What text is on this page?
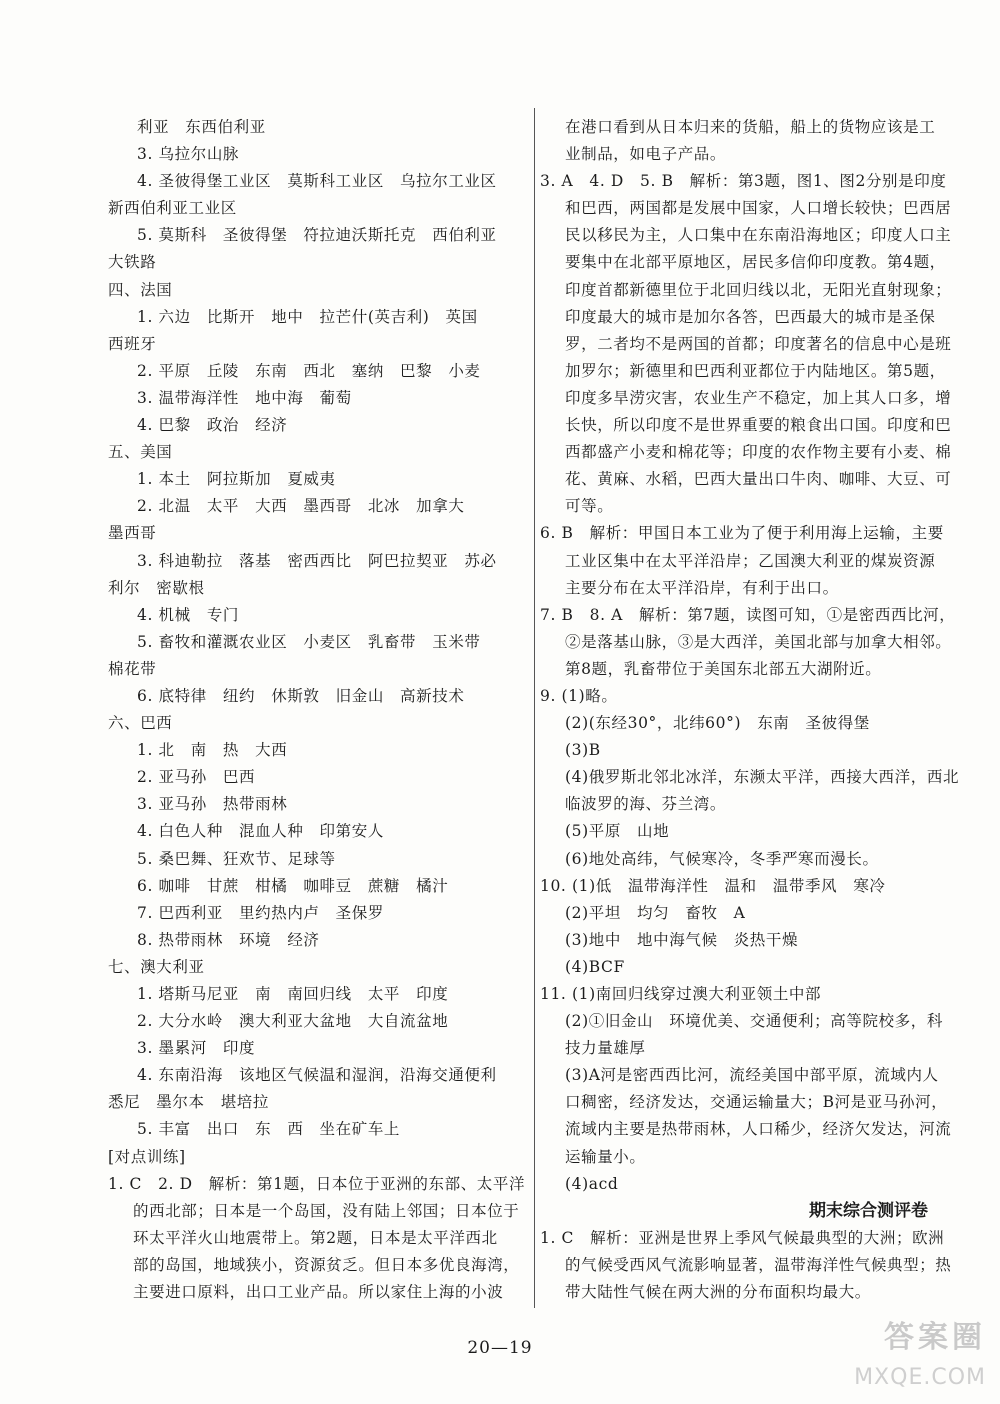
利亚　东西伯利亚
3. 乌拉尔山脉
4. 圣彼得堡工业区　莫斯科工业区　乌拉尔工业区
新西伯利亚工业区
5. 莫斯科　圣彼得堡　符拉迪沃斯托克　西伯利亚
大铁路
四、法国
1. 六边　比斯开　地中　拉芒什(英吉利)　英国
西班牙
2. 平原　丘陵　东南　西北　塞纳　巴黎　小麦
3. 温带海洋性　地中海　葡萄
4. 巴黎　政治　经济
五、美国
1. 本土　阿拉斯加　夏威夷
2. 北温　太平　大西　墨西哥　北冰　加拿大
墨西哥
3. 科迪勒拉　落基　密西西比　阿巴拉契亚　苏必
利尔　密歇根
4. 机械　专门
5. 畜牧和灌溉农业区　小麦区　乳畜带　玉米带
棉花带
6. 底特律　纽约　休斯敦　旧金山　高新技术
六、巴西
1. 北　南　热　大西
2. 亚马孙　巴西
3. 亚马孙　热带雨林
4. 白色人种　混血人种　印第安人
5. 桑巴舞、狂欢节、足球等
6. 咖啡　甘蔗　柑橘　咖啡豆　蔗糖　橘汁
7. 巴西利亚　里约热内卢　圣保罗
8. 热带雨林　环境　经济
七、澳大利亚
1. 塔斯马尼亚　南　南回归线　太平　印度
2. 大分水岭　澳大利亚大盆地　大自流盆地
3. 墨累河　印度
4. 东南沿海　该地区气候温和湿润，沿海交通便利
悉尼　墨尔本　堪培拉
5. 丰富　出口　东　西　坐在矿车上
[对点训练]
1. C　2. D　解析：第1题，日本位于亚洲的东部、太平洋
的西北部；日本是一个岛国，没有陆上邻国；日本位于
环太平洋火山地震带上。第2题，日本是太平洋西北
部的岛国，地域狭小，资源贫乏。但日本多优良海湾，
主要进口原料，出口工业产品。所以家住上海的小波
在港口看到从日本归来的货船，船上的货物应该是工
业制品，如电子产品。
3. A　4. D　5. B　解析：第3题，图1、图2分别是印度
和巴西，两国都是发展中国家，人口增长较快；巴西居
民以移民为主，人口集中在东南沿海地区；印度人口主
要集中在北部平原地区，居民多信仰印度教。第4题，
印度首都新德里位于北回归线以北，无阳光直射现象；
印度最大的城市是加尔各答，巴西最大的城市是圣保
罗，二者均不是两国的首都；印度著名的信息中心是班
加罗尔；新德里和巴西利亚都位于内陆地区。第5题，
印度多旱涝灾害，农业生产不稳定，加上其人口多，增
长快，所以印度不是世界重要的粮食出口国。印度和巴
西都盛产小麦和棉花等；印度的农作物主要有小麦、棉
花、黄麻、水稻，巴西大量出口牛肉、咖啡、大豆、可
可等。
6. B　解析：甲国日本工业为了便于利用海上运输，主要
工业区集中在太平洋沿岸；乙国澳大利亚的煤炭资源
主要分布在太平洋沿岸，有利于出口。
7. B　8. A　解析：第7题，读图可知，①是密西西比河，
②是落基山脉，③是大西洋，美国北部与加拿大相邻。
第8题，乳畜带位于美国东北部五大湖附近。
9. (1)略。
(2)(东经30°，北纬60°)　东南　圣彼得堡
(3)B
(4)俄罗斯北邻北冰洋，东濒太平洋，西接大西洋，西北
临波罗的海、芬兰湾。
(5)平原　山地
(6)地处高纬，气候寒冷，冬季严寒而漫长。
10. (1)低　温带海洋性　温和　温带季风　寒冷
(2)平坦　均匀　畜牧　A
(3)地中　地中海气候　炎热干燥
(4)BCF
11. (1)南回归线穿过澳大利亚领土中部
(2)①旧金山　环境优美、交通便利；高等院校多，科
技力量雄厚
(3)A河是密西西比河，流经美国中部平原，流域内人
口稠密，经济发达，交通运输量大；B河是亚马孙河，
流域内主要是热带雨林，人口稀少，经济欠发达，河流
运输量小。
(4)acd
期末综合测评卷
1. C　解析：亚洲是世界上季风气候最典型的大洲；欧洲
的气候受西风气流影响显著，温带海洋性气候典型；热
带大陆性气候在两大洲的分布面积均最大。
20—19	答案圈
MXQE.COM
